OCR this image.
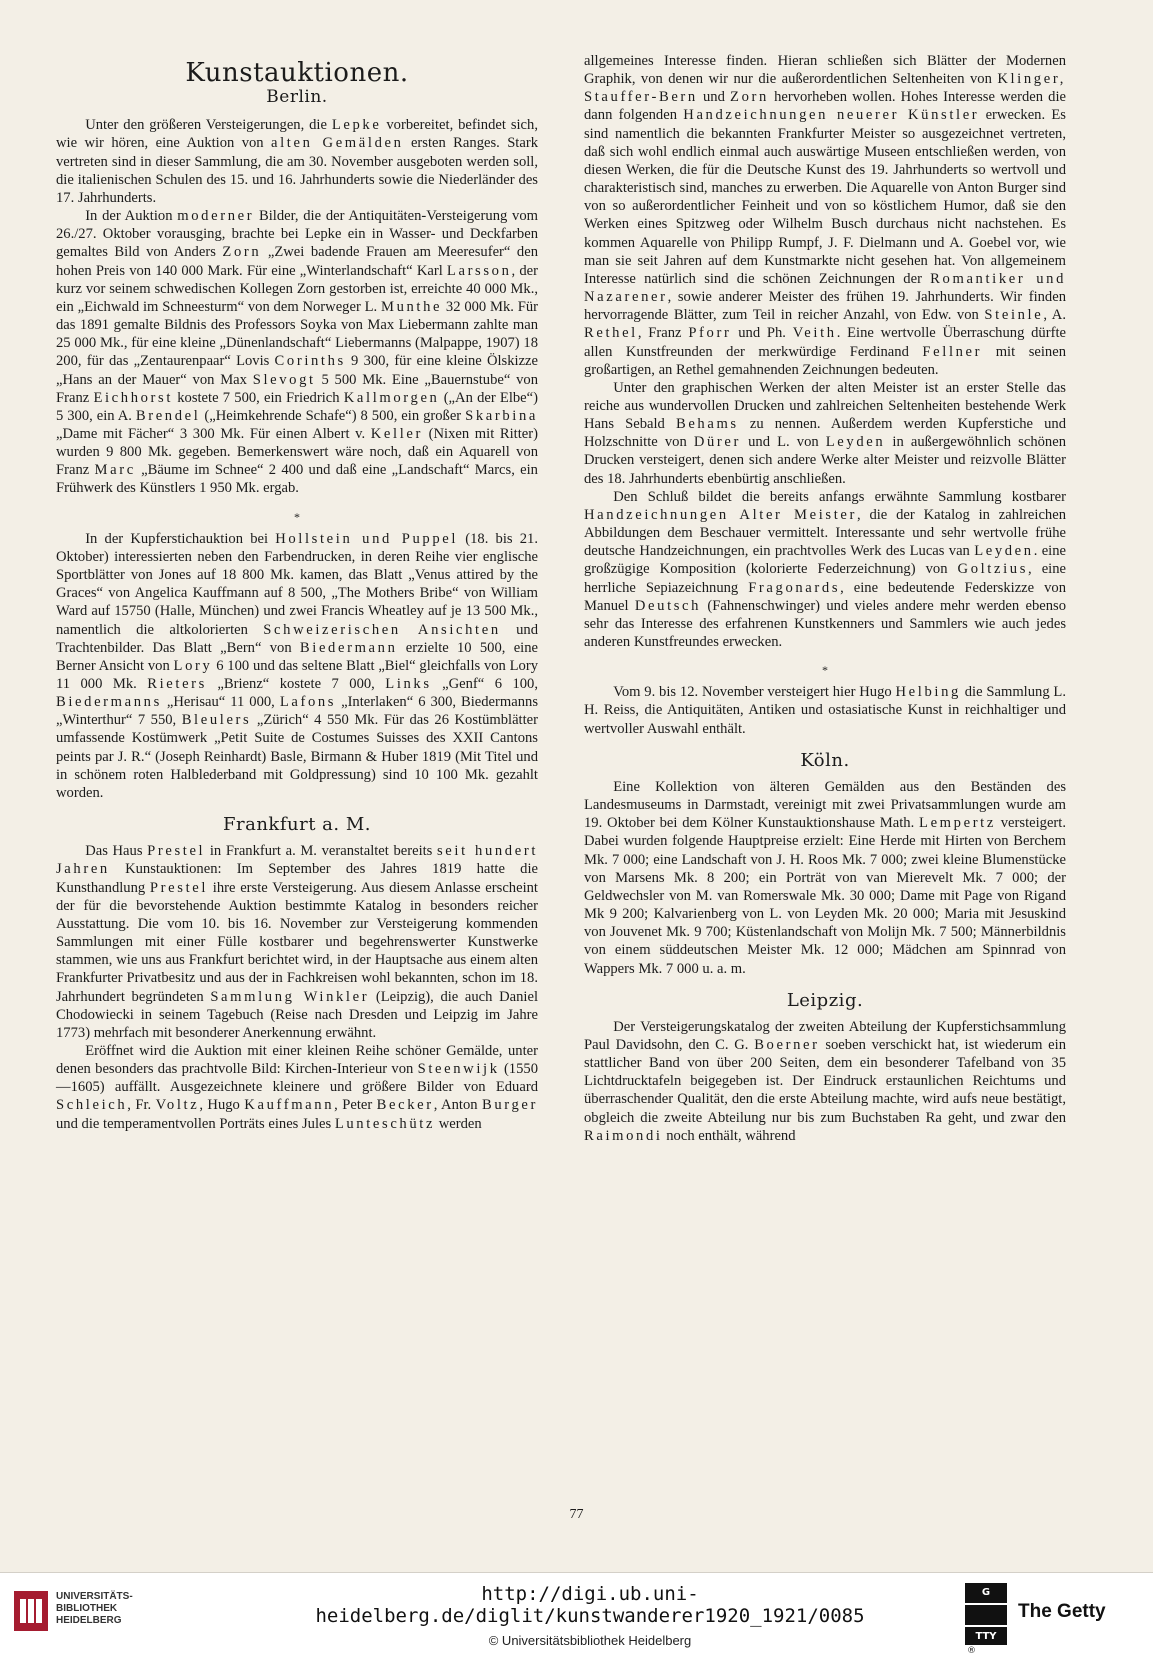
Kunstauktionen.
Berlin.

Unter den größeren Versteigerungen, die Lepke vorbereitet, befindet sich, wie wir hören, eine Auktion von alten Gemälden ersten Ranges. Stark vertreten sind in dieser Sammlung, die am 30. November ausgeboten werden soll, die italienischen Schulen des 15. und 16. Jahrhunderts sowie die Niederländer des 17. Jahrhunderts.

In der Auktion moderner Bilder, die der Antiquitäten-Versteigerung vom 26./27. Oktober vorausging, brachte bei Lepke ein in Wasser- und Deckfarben gemaltes Bild von Anders Zorn „Zwei badende Frauen am Meeresufer“ den hohen Preis von 140 000 Mark. Für eine „Winterlandschaft“ Karl Larsson, der kurz vor seinem schwedischen Kollegen Zorn gestorben ist, erreichte 40 000 Mk., ein „Eichwald im Schneesturm“ von dem Norweger L. Munthe 32 000 Mk. Für das 1891 gemalte Bildnis des Professors Soyka von Max Liebermann zahlte man 25 000 Mk., für eine kleine „Dünenlandschaft“ Liebermanns (Malpappe, 1907) 18 200, für das „Zentaurenpaar“ Lovis Corinths 9 300, für eine kleine Ölskizze „Hans an der Mauer“ von Max Slevogt 5 500 Mk. Eine „Bauernstube“ von Franz Eichhorst kostete 7 500, ein Friedrich Kallmorgen („An der Elbe“) 5 300, ein A. Brendel („Heimkehrende Schafe“) 8 500, ein großer Skarbina „Dame mit Fächer“ 3 300 Mk. Für einen Albert v. Keller (Nixen mit Ritter) wurden 9 800 Mk. gegeben. Bemerkenswert wäre noch, daß ein Aquarell von Franz Marc „Bäume im Schnee“ 2 400 und daß eine „Landschaft“ Marcs, ein Frühwerk des Künstlers 1 950 Mk. ergab.

*

In der Kupferstichauktion bei Hollstein und Puppel (18. bis 21. Oktober) interessierten neben den Farbendrucken, in deren Reihe vier englische Sportblätter von Jones auf 18 800 Mk. kamen, das Blatt „Venus attired by the Graces“ von Angelica Kauffmann auf 8 500, „The Mothers Bribe“ von William Ward auf 15750 (Halle, München) und zwei Francis Wheatley auf je 13 500 Mk., namentlich die altkolorierten Schweizerischen Ansichten und Trachtenbilder. Das Blatt „Bern“ von Biedermann erzielte 10 500, eine Berner Ansicht von Lory 6 100 und das seltene Blatt „Biel“ gleichfalls von Lory 11 000 Mk. Rieters „Brienz“ kostete 7 000, Links „Genf“ 6 100, Biedermanns „Herisau“ 11 000, Lafons „Interlaken“ 6 300, Biedermanns „Winterthur“ 7 550, Bleulers „Zürich“ 4 550 Mk. Für das 26 Kostümblätter umfassende Kostümwerk „Petit Suite de Costumes Suisses des XXII Cantons peints par J. R.“ (Joseph Reinhardt) Basle, Birmann & Huber 1819 (Mit Titel und in schönem roten Halblederband mit Goldpressung) sind 10 100 Mk. gezahlt worden.

Frankfurt a. M.

Das Haus Prestel in Frankfurt a. M. veranstaltet bereits seit hundert Jahren Kunstauktionen: Im September des Jahres 1819 hatte die Kunsthandlung Prestel ihre erste Versteigerung. Aus diesem Anlasse erscheint der für die bevorstehende Auktion bestimmte Katalog in besonders reicher Ausstattung. Die vom 10. bis 16. November zur Versteigerung kommenden Sammlungen mit einer Fülle kostbarer und begehrenswerter Kunstwerke stammen, wie uns aus Frankfurt berichtet wird, in der Hauptsache aus einem alten Frankfurter Privatbesitz und aus der in Fachkreisen wohl bekannten, schon im 18. Jahrhundert begründeten Sammlung Winkler (Leipzig), die auch Daniel Chodowiecki in seinem Tagebuch (Reise nach Dresden und Leipzig im Jahre 1773) mehrfach mit besonderer Anerkennung erwähnt.

Eröffnet wird die Auktion mit einer kleinen Reihe schöner Gemälde, unter denen besonders das prachtvolle Bild: Kirchen-Interieur von Steenwijk (1550—1605) auffällt. Ausgezeichnete kleinere und größere Bilder von Eduard Schleich, Fr. Voltz, Hugo Kauffmann, Peter Becker, Anton Burger und die temperamentvollen Porträts eines Jules Lunteschütz werden

allgemeines Interesse finden. Hieran schließen sich Blätter der Modernen Graphik, von denen wir nur die außerordentlichen Seltenheiten von Klinger, Stauffer-Bern und Zorn hervorheben wollen. Hohes Interesse werden die dann folgenden Handzeichnungen neuerer Künstler erwecken. Es sind namentlich die bekannten Frankfurter Meister so ausgezeichnet vertreten, daß sich wohl endlich einmal auch auswärtige Museen entschließen werden, von diesen Werken, die für die Deutsche Kunst des 19. Jahrhunderts so wertvoll und charakteristisch sind, manches zu erwerben. Die Aquarelle von Anton Burger sind von so außerordentlicher Feinheit und von so köstlichem Humor, daß sie den Werken eines Spitzweg oder Wilhelm Busch durchaus nicht nachstehen. Es kommen Aquarelle von Philipp Rumpf, J. F. Dielmann und A. Goebel vor, wie man sie seit Jahren auf dem Kunstmarkte nicht gesehen hat. Von allgemeinem Interesse natürlich sind die schönen Zeichnungen der Romantiker und Nazarener, sowie anderer Meister des frühen 19. Jahrhunderts. Wir finden hervorragende Blätter, zum Teil in reicher Anzahl, von Edw. von Steinle, A. Rethel, Franz Pforr und Ph. Veith. Eine wertvolle Überraschung dürfte allen Kunstfreunden der merkwürdige Ferdinand Fellner mit seinen großartigen, an Rethel gemahnenden Zeichnungen bedeuten.

Unter den graphischen Werken der alten Meister ist an erster Stelle das reiche aus wundervollen Drucken und zahlreichen Seltenheiten bestehende Werk Hans Sebald Behams zu nennen. Außerdem werden Kupferstiche und Holzschnitte von Dürer und L. von Leyden in außergewöhnlich schönen Drucken versteigert, denen sich andere Werke alter Meister und reizvolle Blätter des 18. Jahrhunderts ebenbürtig anschließen.

Den Schluß bildet die bereits anfangs erwähnte Sammlung kostbarer Handzeichnungen Alter Meister, die der Katalog in zahlreichen Abbildungen dem Beschauer vermittelt. Interessante und sehr wertvolle frühe deutsche Handzeichnungen, ein prachtvolles Werk des Lucas van Leyden. eine großzügige Komposition (kolorierte Federzeichnung) von Goltzius, eine herrliche Sepiazeichnung Fragonards, eine bedeutende Federskizze von Manuel Deutsch (Fahnenschwinger) und vieles andere mehr werden ebenso sehr das Interesse des erfahrenen Kunstkenners und Sammlers wie auch jedes anderen Kunstfreundes erwecken.

*

Vom 9. bis 12. November versteigert hier Hugo Helbing die Sammlung L. H. Reiss, die Antiquitäten, Antiken und ostasiatische Kunst in reichhaltiger und wertvoller Auswahl enthält.

Köln.

Eine Kollektion von älteren Gemälden aus den Beständen des Landesmuseums in Darmstadt, vereinigt mit zwei Privatsammlungen wurde am 19. Oktober bei dem Kölner Kunstauktionshause Math. Lempertz versteigert. Dabei wurden folgende Hauptpreise erzielt: Eine Herde mit Hirten von Berchem Mk. 7 000; eine Landschaft von J. H. Roos Mk. 7 000; zwei kleine Blumenstücke von Marsens Mk. 8 200; ein Porträt von van Mierevelt Mk. 7 000; der Geldwechsler von M. van Romerswale Mk. 30 000; Dame mit Page von Rigand Mk 9 200; Kalvarienberg von L. von Leyden Mk. 20 000; Maria mit Jesuskind von Jouvenet Mk. 9 700; Küstenlandschaft von Molijn Mk. 7 500; Männerbildnis von einem süddeutschen Meister Mk. 12 000; Mädchen am Spinnrad von Wappers Mk. 7 000 u. a. m.

Leipzig.

Der Versteigerungskatalog der zweiten Abteilung der Kupferstichsammlung Paul Davidsohn, den C. G. Boerner soeben verschickt hat, ist wiederum ein stattlicher Band von über 200 Seiten, dem ein besonderer Tafelband von 35 Lichtdrucktafeln beigegeben ist. Der Eindruck erstaunlichen Reichtums und überraschender Qualität, den die erste Abteilung machte, wird aufs neue bestätigt, obgleich die zweite Abteilung nur bis zum Buchstaben Ra geht, und zwar den Raimondi noch enthält, während

77
UNIVERSITÄTS-
BIBLIOTHEK
HEIDELBERG
http://digi.ub.uni-heidelberg.de/diglit/kunstwanderer1920_1921/0085
© Universitätsbibliothek Heidelberg
G

TTY
®
The Getty
